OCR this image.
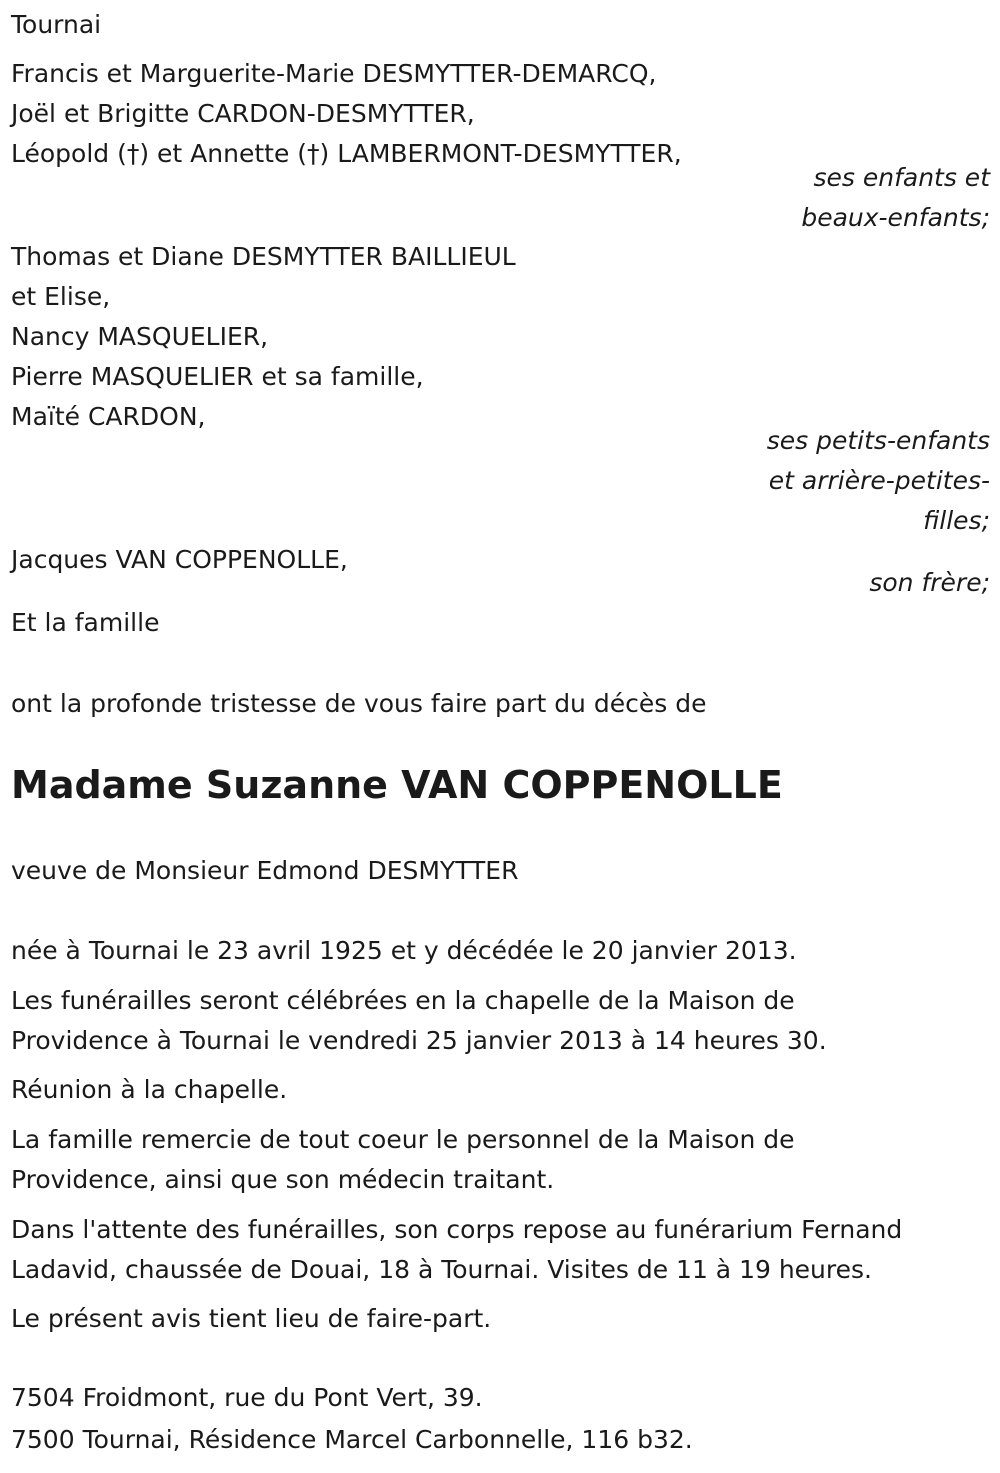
Tournai
Francis et Marguerite-Marie DESMYTTER-DEMARCQ,
Joël et Brigitte CARDON-DESMYTTER,
Léopold (†) et Annette (†) LAMBERMONT-DESMYTTER,
ses enfants et
beaux-enfants;
Thomas et Diane DESMYTTER BAILLIEUL
et Elise,
Nancy MASQUELIER,
Pierre MASQUELIER et sa famille,
Maïté CARDON,
ses petits-enfants
et arrière-petites-
filles;
Jacques VAN COPPENOLLE,
son frère;
Et la famille
ont la profonde tristesse de vous faire part du décès de
Madame Suzanne VAN COPPENOLLE
veuve de Monsieur Edmond DESMYTTER
née à Tournai le 23 avril 1925 et y décédée le 20 janvier 2013.
Les funérailles seront célébrées en la chapelle de la Maison de
Providence à Tournai le vendredi 25 janvier 2013 à 14 heures 30.
Réunion à la chapelle.
La famille remercie de tout coeur le personnel de la Maison de
Providence, ainsi que son médecin traitant.
Dans l'attente des funérailles, son corps repose au funérarium Fernand
Ladavid, chaussée de Douai, 18 à Tournai. Visites de 11 à 19 heures.
Le présent avis tient lieu de faire-part.
7504 Froidmont, rue du Pont Vert, 39.
7500 Tournai, Résidence Marcel Carbonnelle, 116 b32.
